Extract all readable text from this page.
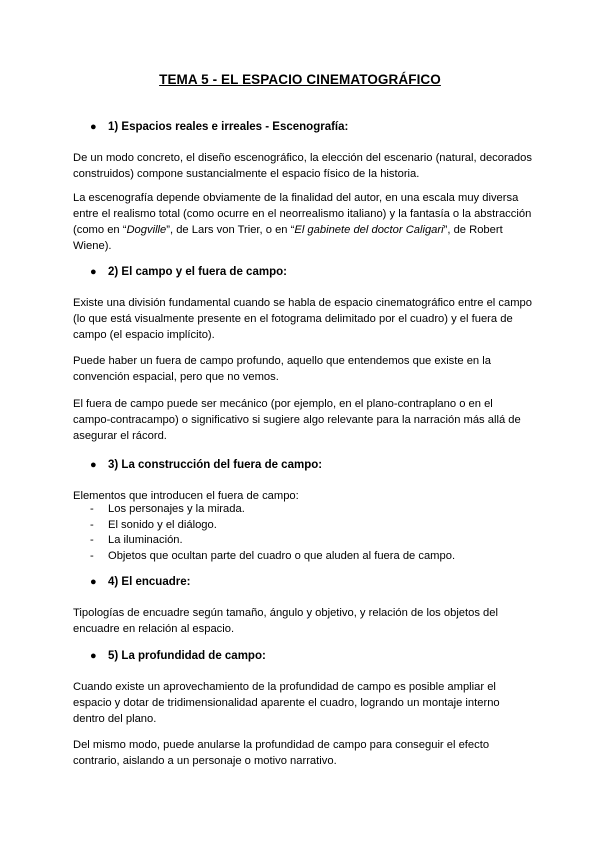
TEMA 5 - EL ESPACIO CINEMATOGRÁFICO
● 1) Espacios reales e irreales - Escenografía:
De un modo concreto, el diseño escenográfico, la elección del escenario (natural, decorados construidos) compone sustancialmente el espacio físico de la historia.
La escenografía depende obviamente de la finalidad del autor, en una escala muy diversa entre el realismo total (como ocurre en el neorrealismo italiano) y la fantasía o la abstracción (como en “Dogville”, de Lars von Trier, o en “El gabinete del doctor Caligari”, de Robert Wiene).
● 2) El campo y el fuera de campo:
Existe una división fundamental cuando se habla de espacio cinematográfico entre el campo (lo que está visualmente presente en el fotograma delimitado por el cuadro) y el fuera de campo (el espacio implícito).
Puede haber un fuera de campo profundo, aquello que entendemos que existe en la convención espacial, pero que no vemos.
El fuera de campo puede ser mecánico (por ejemplo, en el plano-contraplano o en el campo-contracampo) o significativo si sugiere algo relevante para la narración más allá de asegurar el rácord.
● 3) La construcción del fuera de campo:
Elementos que introducen el fuera de campo:
- Los personajes y la mirada.
- El sonido y el diálogo.
- La iluminación.
- Objetos que ocultan parte del cuadro o que aluden al fuera de campo.
● 4) El encuadre:
Tipologías de encuadre según tamaño, ángulo y objetivo, y relación de los objetos del encuadre en relación al espacio.
● 5) La profundidad de campo:
Cuando existe un aprovechamiento de la profundidad de campo es posible ampliar el espacio y dotar de tridimensionalidad aparente el cuadro, logrando un montaje interno dentro del plano.
Del mismo modo, puede anularse la profundidad de campo para conseguir el efecto contrario, aislando a un personaje o motivo narrativo.
